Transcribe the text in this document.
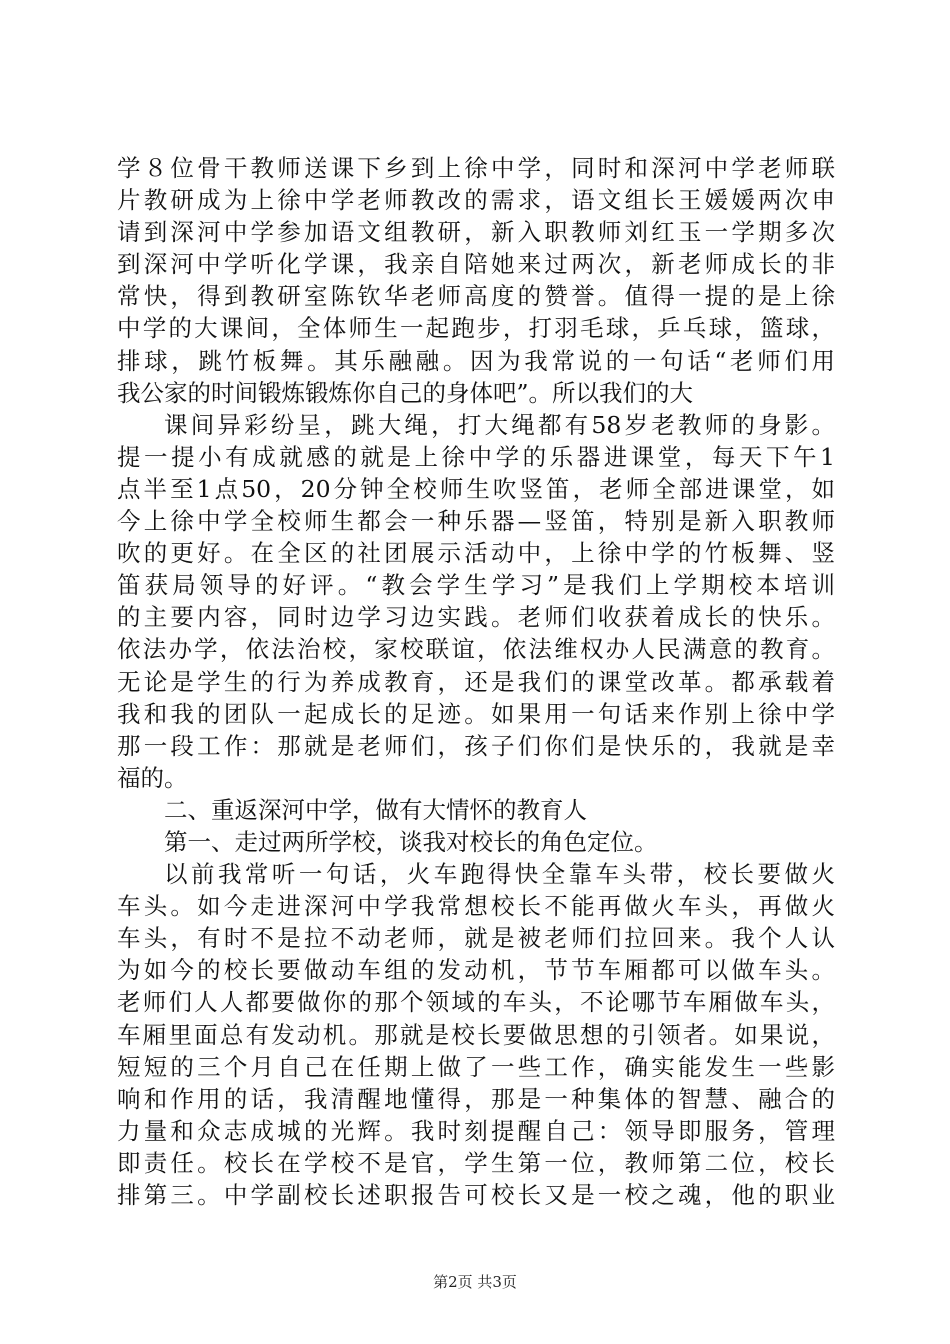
学８位骨干教师送课下乡到上徐中学，同时和深河中学老师联
片教研成为上徐中学老师教改的需求，语文组长王媛媛两次申
请到深河中学参加语文组教研，新入职教师刘红玉一学期多次
到深河中学听化学课，我亲自陪她来过两次，新老师成长的非
常快，得到教研室陈钦华老师高度的赞誉。值得一提的是上徐
中学的大课间，全体师生一起跑步，打羽毛球，乒乓球，篮球，
排球，跳竹板舞。其乐融融。因为我常说的一句话“老师们用
我公家的时间锻炼锻炼你自己的身体吧”。所以我们的大
课间异彩纷呈，跳大绳，打大绳都有58岁老教师的身影。
提一提小有成就感的就是上徐中学的乐器进课堂，每天下午1
点半至1点50，20分钟全校师生吹竖笛，老师全部进课堂，如
今上徐中学全校师生都会一种乐器—竖笛，特别是新入职教师
吹的更好。在全区的社团展示活动中，上徐中学的竹板舞、竖
笛获局领导的好评。“教会学生学习”是我们上学期校本培训
的主要内容，同时边学习边实践。老师们收获着成长的快乐。
依法办学，依法治校，家校联谊，依法维权办人民满意的教育。
无论是学生的行为养成教育，还是我们的课堂改革。都承载着
我和我的团队一起成长的足迹。如果用一句话来作别上徐中学
那一段工作：那就是老师们，孩子们你们是快乐的，我就是幸
福的。
二、重返深河中学，做有大情怀的教育人
第一、走过两所学校，谈我对校长的角色定位。
以前我常听一句话，火车跑得快全靠车头带，校长要做火
车头。如今走进深河中学我常想校长不能再做火车头，再做火
车头，有时不是拉不动老师，就是被老师们拉回来。我个人认
为如今的校长要做动车组的发动机，节节车厢都可以做车头。
老师们人人都要做你的那个领域的车头，不论哪节车厢做车头，
车厢里面总有发动机。那就是校长要做思想的引领者。如果说，
短短的三个月自己在任期上做了一些工作，确实能发生一些影
响和作用的话，我清醒地懂得，那是一种集体的智慧、融合的
力量和众志成城的光辉。我时刻提醒自己：领导即服务，管理
即责任。校长在学校不是官，学生第一位，教师第二位，校长
排第三。中学副校长述职报告可校长又是一校之魂，他的职业
第2页 共3页
